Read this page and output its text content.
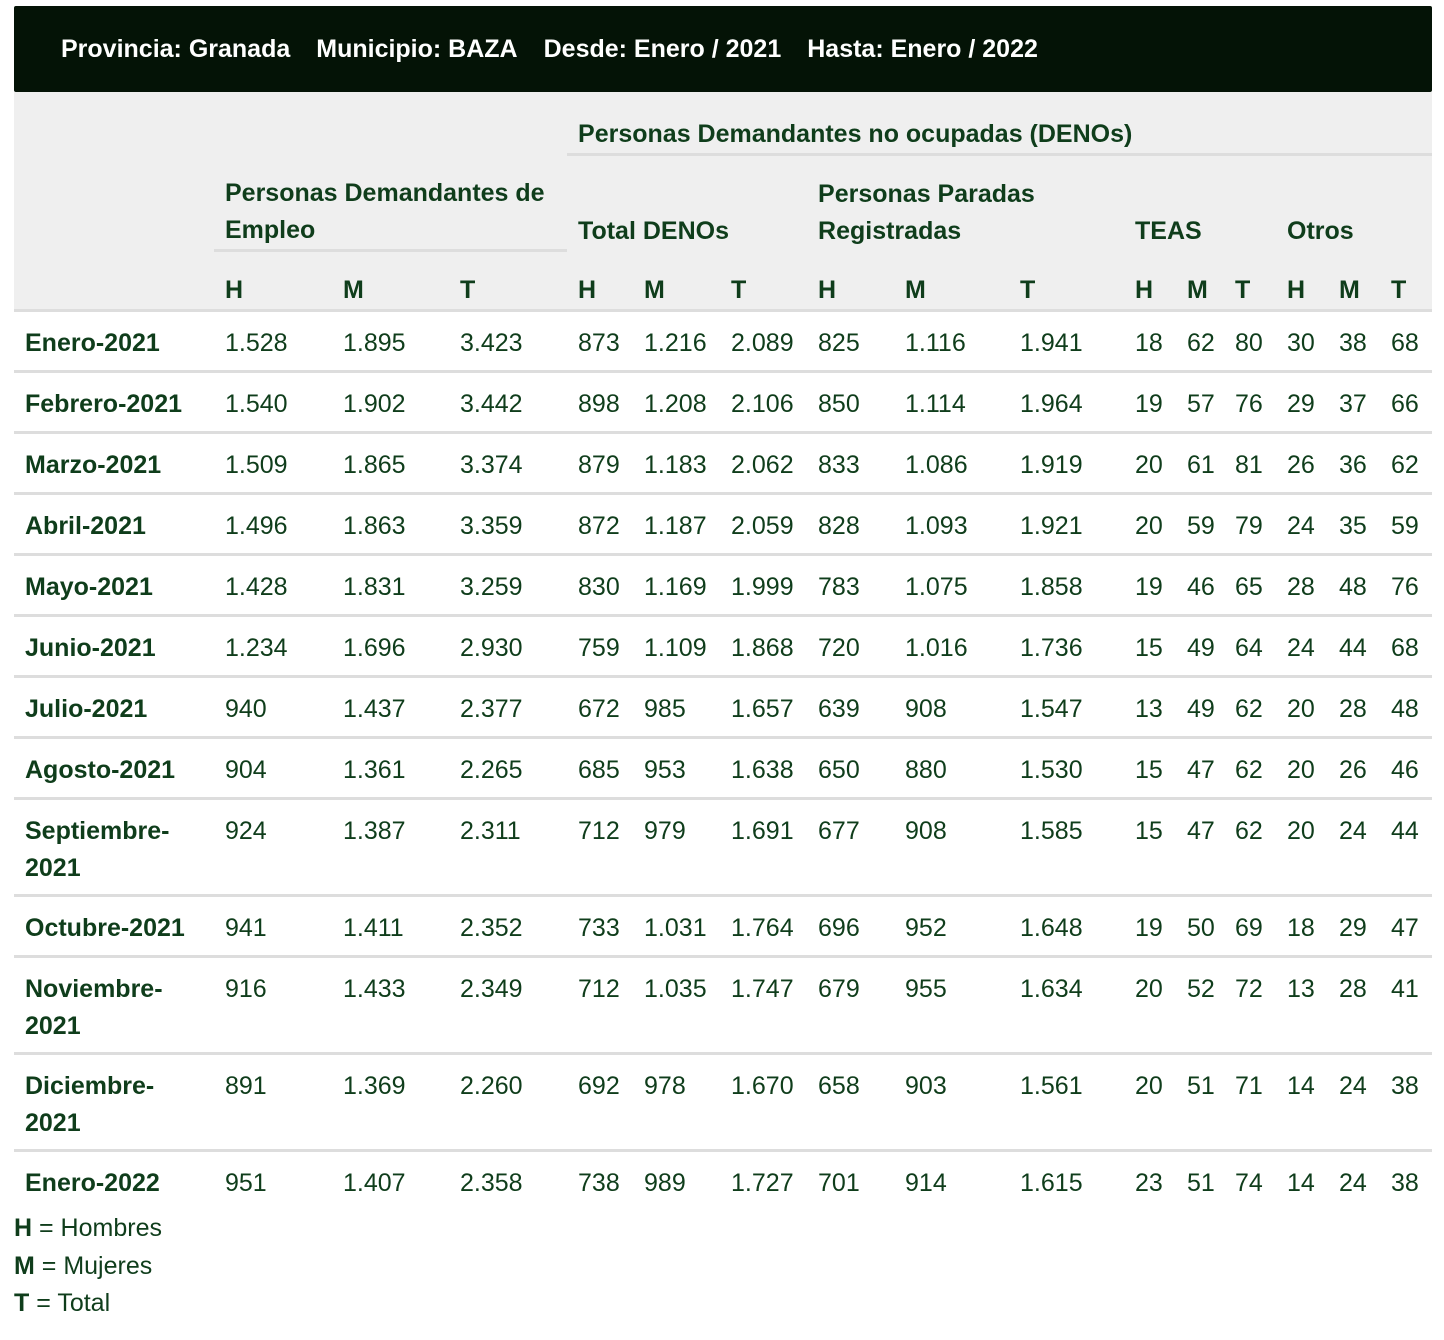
Provincia: Granada Municipio: BAZA Desde: Enero / 2021 Hasta: Enero / 2022
				Personas Demandantes no ocupadas (DENOs)											
	Personas Demandantes de Empleo			Total DENOs			Personas Paradas Registradas			TEAS			Otros		
	H	M	T	H	M	T	H	M	T	H	M	T	H	M	T
Enero-2021	1.528	1.895	3.423	873	1.216	2.089	825	1.116	1.941	18	62	80	30	38	68
Febrero-2021	1.540	1.902	3.442	898	1.208	2.106	850	1.114	1.964	19	57	76	29	37	66
Marzo-2021	1.509	1.865	3.374	879	1.183	2.062	833	1.086	1.919	20	61	81	26	36	62
Abril-2021	1.496	1.863	3.359	872	1.187	2.059	828	1.093	1.921	20	59	79	24	35	59
Mayo-2021	1.428	1.831	3.259	830	1.169	1.999	783	1.075	1.858	19	46	65	28	48	76
Junio-2021	1.234	1.696	2.930	759	1.109	1.868	720	1.016	1.736	15	49	64	24	44	68
Julio-2021	940	1.437	2.377	672	985	1.657	639	908	1.547	13	49	62	20	28	48
Agosto-2021	904	1.361	2.265	685	953	1.638	650	880	1.530	15	47	62	20	26	46
Septiembre-2021	924	1.387	2.311	712	979	1.691	677	908	1.585	15	47	62	20	24	44
Octubre-2021	941	1.411	2.352	733	1.031	1.764	696	952	1.648	19	50	69	18	29	47
Noviembre-2021	916	1.433	2.349	712	1.035	1.747	679	955	1.634	20	52	72	13	28	41
Diciembre-2021	891	1.369	2.260	692	978	1.670	658	903	1.561	20	51	71	14	24	38
Enero-2022	951	1.407	2.358	738	989	1.727	701	914	1.615	23	51	74	14	24	38
H = Hombres
M = Mujeres
T = Total
